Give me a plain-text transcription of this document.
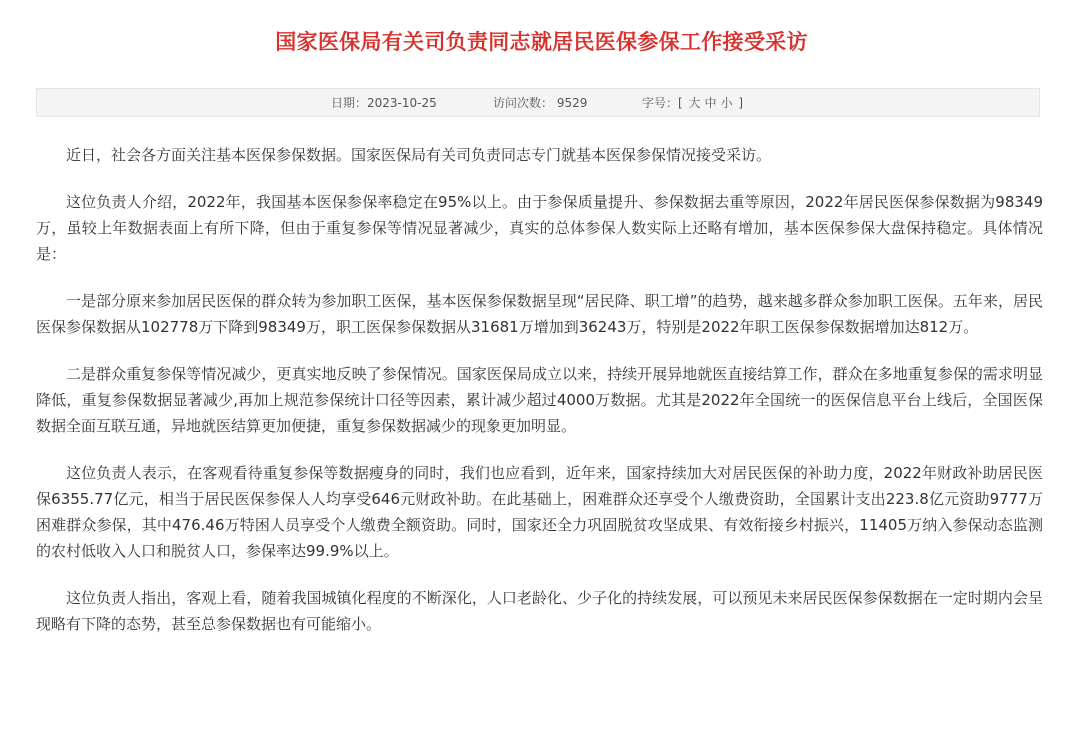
国家医保局有关司负责同志就居民医保参保工作接受采访
日期：2023-10-25	访问次数： 9529	字号：[ 大 中 小 ]

近日，社会各方面关注基本医保参保数据。国家医保局有关司负责同志专门就基本医保参保情况接受采访。

这位负责人介绍，2022年，我国基本医保参保率稳定在95%以上。由于参保质量提升、参保数据去重等原因，2022年居民医保参保数据为98349万，虽较上年数据表面上有所下降，但由于重复参保等情况显著减少，真实的总体参保人数实际上还略有增加，基本医保参保大盘保持稳定。具体情况是：

一是部分原来参加居民医保的群众转为参加职工医保，基本医保参保数据呈现“居民降、职工增”的趋势，越来越多群众参加职工医保。五年来，居民医保参保数据从102778万下降到98349万，职工医保参保数据从31681万增加到36243万，特别是2022年职工医保参保数据增加达812万。

二是群众重复参保等情况减少，更真实地反映了参保情况。国家医保局成立以来，持续开展异地就医直接结算工作，群众在多地重复参保的需求明显降低，重复参保数据显著减少,再加上规范参保统计口径等因素，累计减少超过4000万数据。尤其是2022年全国统一的医保信息平台上线后，全国医保数据全面互联互通，异地就医结算更加便捷，重复参保数据减少的现象更加明显。

这位负责人表示，在客观看待重复参保等数据瘦身的同时，我们也应看到，近年来，国家持续加大对居民医保的补助力度，2022年财政补助居民医保6355.77亿元，相当于居民医保参保人人均享受646元财政补助。在此基础上，困难群众还享受个人缴费资助，全国累计支出223.8亿元资助9777万困难群众参保，其中476.46万特困人员享受个人缴费全额资助。同时，国家还全力巩固脱贫攻坚成果、有效衔接乡村振兴，11405万纳入参保动态监测的农村低收入人口和脱贫人口，参保率达99.9%以上。

这位负责人指出，客观上看，随着我国城镇化程度的不断深化，人口老龄化、少子化的持续发展，可以预见未来居民医保参保数据在一定时期内会呈现略有下降的态势，甚至总参保数据也有可能缩小。
